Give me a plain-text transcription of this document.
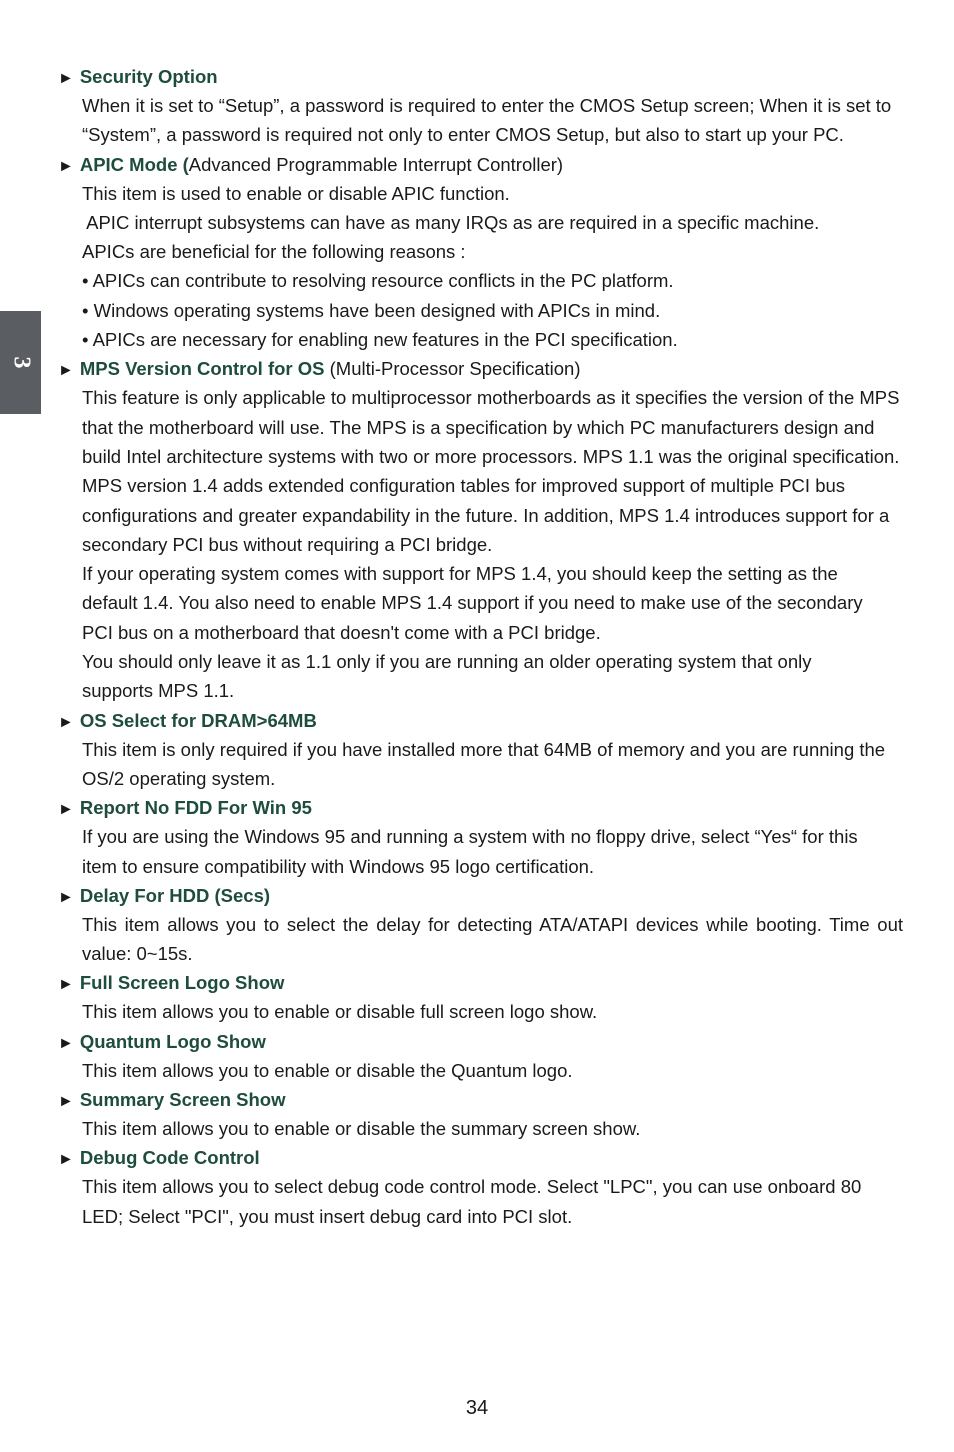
3
► Security Option

When it is set to “Setup”, a password is required to enter the CMOS Setup screen; When it is set to “System”, a password is required not only to enter CMOS Setup, but also to start up your PC.

► APIC Mode (Advanced Programmable Interrupt Controller)

This item is used to enable or disable APIC function.

APIC interrupt subsystems can have as many IRQs as are required in a specific machine.

APICs are beneficial for the following reasons :

• APICs can contribute to resolving resource conflicts in the PC platform.

• Windows operating systems have been designed with APICs in mind.

• APICs are necessary for enabling new features in the PCI specification.

► MPS Version Control for OS (Multi-Processor Specification)

This feature is only applicable to multiprocessor motherboards as it specifies the version of the MPS that the motherboard will use. The MPS is a specification by which PC manufacturers design and build Intel architecture systems with two or more processors. MPS 1.1 was the original specification. MPS version 1.4 adds extended configuration tables for improved support of multiple PCI bus configurations and greater expandability in the future. In addition, MPS 1.4 introduces support for a secondary PCI bus without requiring a PCI bridge.

If your operating system comes with support for MPS 1.4, you should keep the setting as the default 1.4. You also need to enable MPS 1.4 support if you need to make use of the secondary PCI bus on a motherboard that doesn't come with a PCI bridge.

You should only leave it as 1.1 only if you are running an older operating system that only supports MPS 1.1.

► OS Select for DRAM>64MB

This item is only required if you have installed more that 64MB of memory and you are running the OS/2 operating system.

► Report No FDD For Win 95

If you are using the Windows 95 and running a system with no floppy drive, select “Yes“ for this item to ensure compatibility with Windows 95 logo certification.

► Delay For HDD (Secs)

This item allows you to select the delay for detecting ATA/ATAPI devices while booting. Time out value: 0~15s.

► Full Screen Logo Show

This item allows you to enable or disable full screen logo show.

► Quantum Logo Show

This item allows you to enable or disable the Quantum logo.

► Summary Screen Show

This item allows you to enable or disable the summary screen show.

► Debug Code Control

This item allows you to select debug code control mode. Select "LPC", you can use onboard 80 LED; Select "PCI", you must insert debug card into PCI slot.

34
